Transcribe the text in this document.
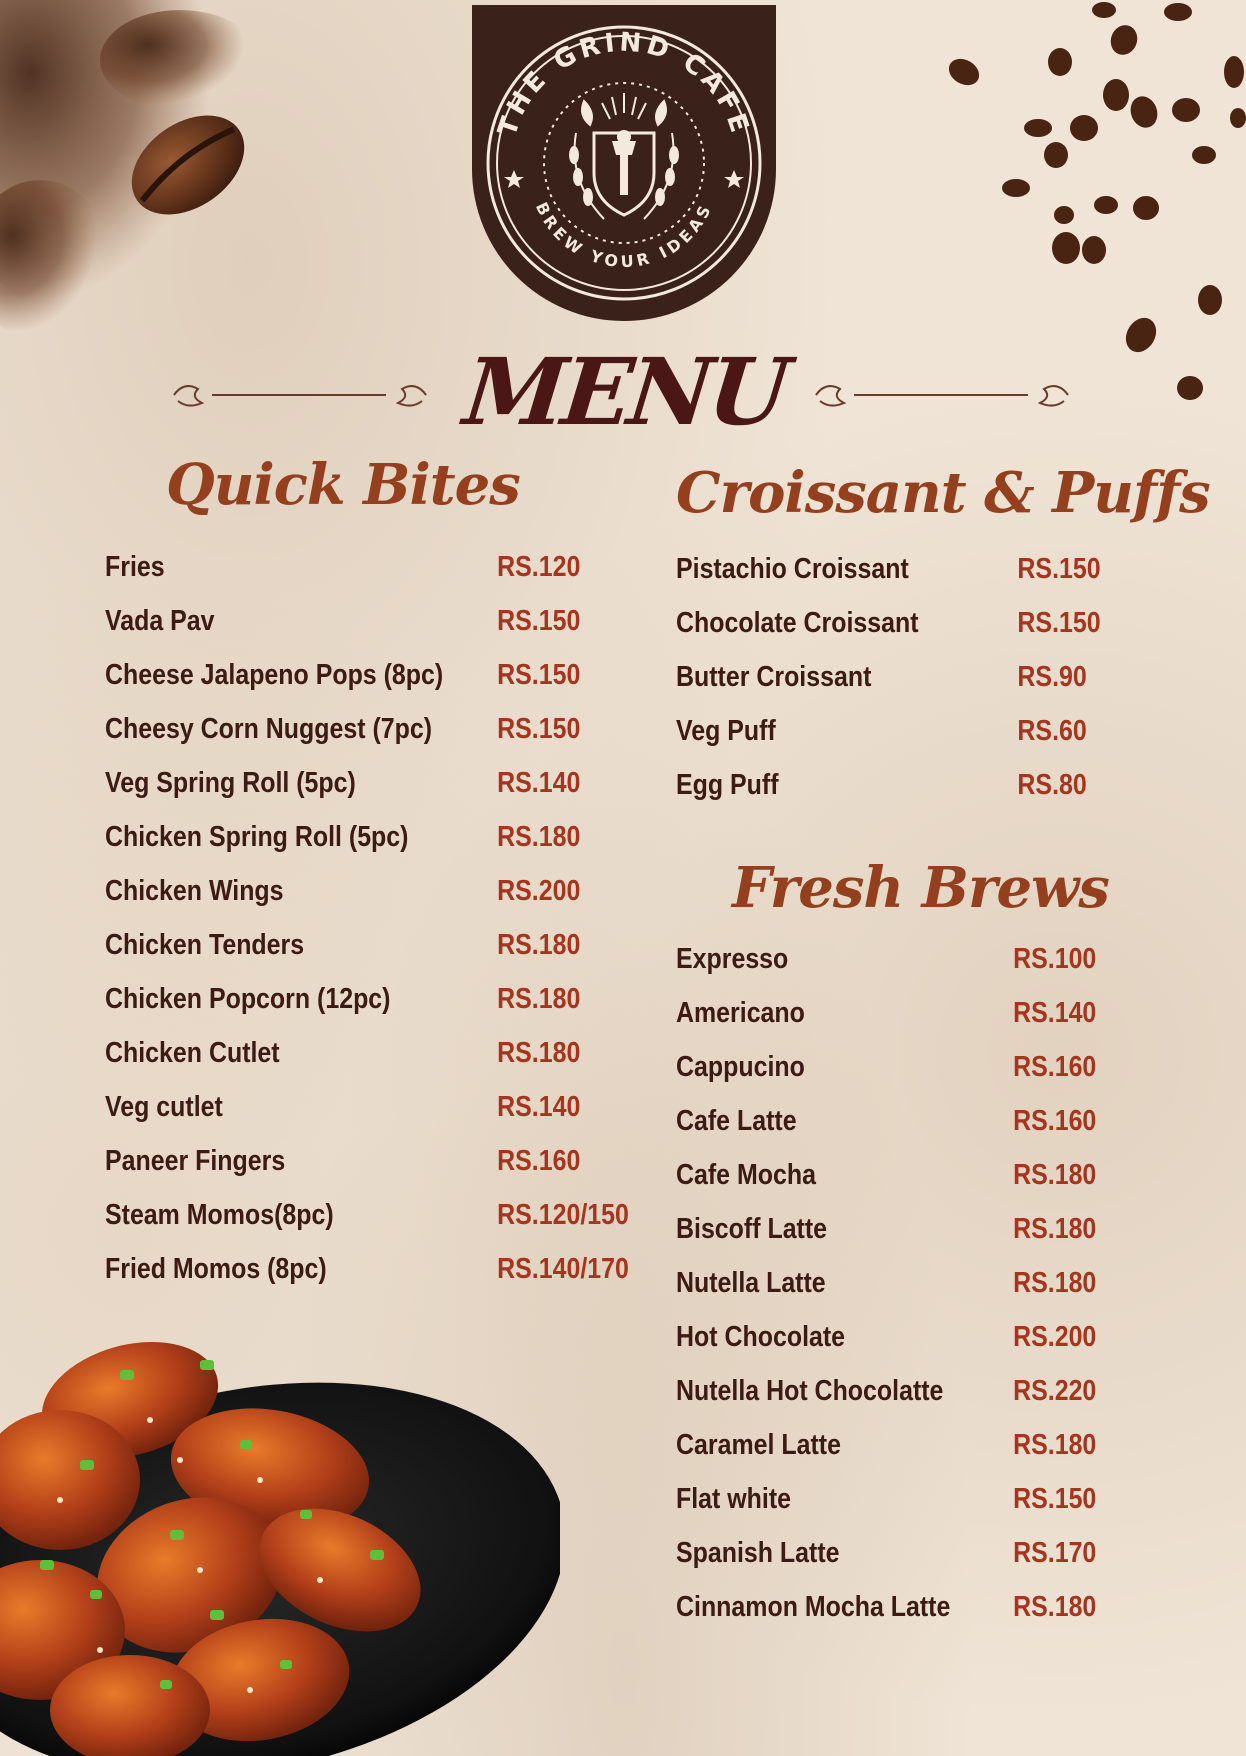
THE GRIND CAFE
BREW YOUR IDEAS
MENU
Quick Bites	Croissant & Puffs
Fresh Brews
Fries	RS.120
Vada Pav	RS.150
Cheese Jalapeno Pops (8pc) RS.150
Cheesy Corn Nuggest (7pc) RS.150
Veg Spring Roll (5pc)	RS.140
Chicken Spring Roll (5pc)	RS.180
Chicken Wings	RS.200
Chicken Tenders	RS.180
Chicken Popcorn (12pc)	RS.180
Chicken Cutlet	RS.180
Veg cutlet	RS.140
Paneer Fingers	RS.160
Steam Momos(8pc)	RS.120/150
Fried Momos (8pc)	RS.140/170
Pistachio Croissant	RS.150
Chocolate Croissant	RS.150
Butter Croissant	RS.90
Veg Puff	RS.60
Egg Puff	RS.80
Expresso	RS.100
Americano	RS.140
Cappucino	RS.160
Cafe Latte	RS.160
Cafe Mocha	RS.180
Biscoff Latte	RS.180
Nutella Latte	RS.180
Hot Chocolate	RS.200
Nutella Hot Chocolatte RS.220
Caramel Latte	RS.180
Flat white	RS.150
Spanish Latte	RS.170
Cinnamon Mocha Latte RS.180
